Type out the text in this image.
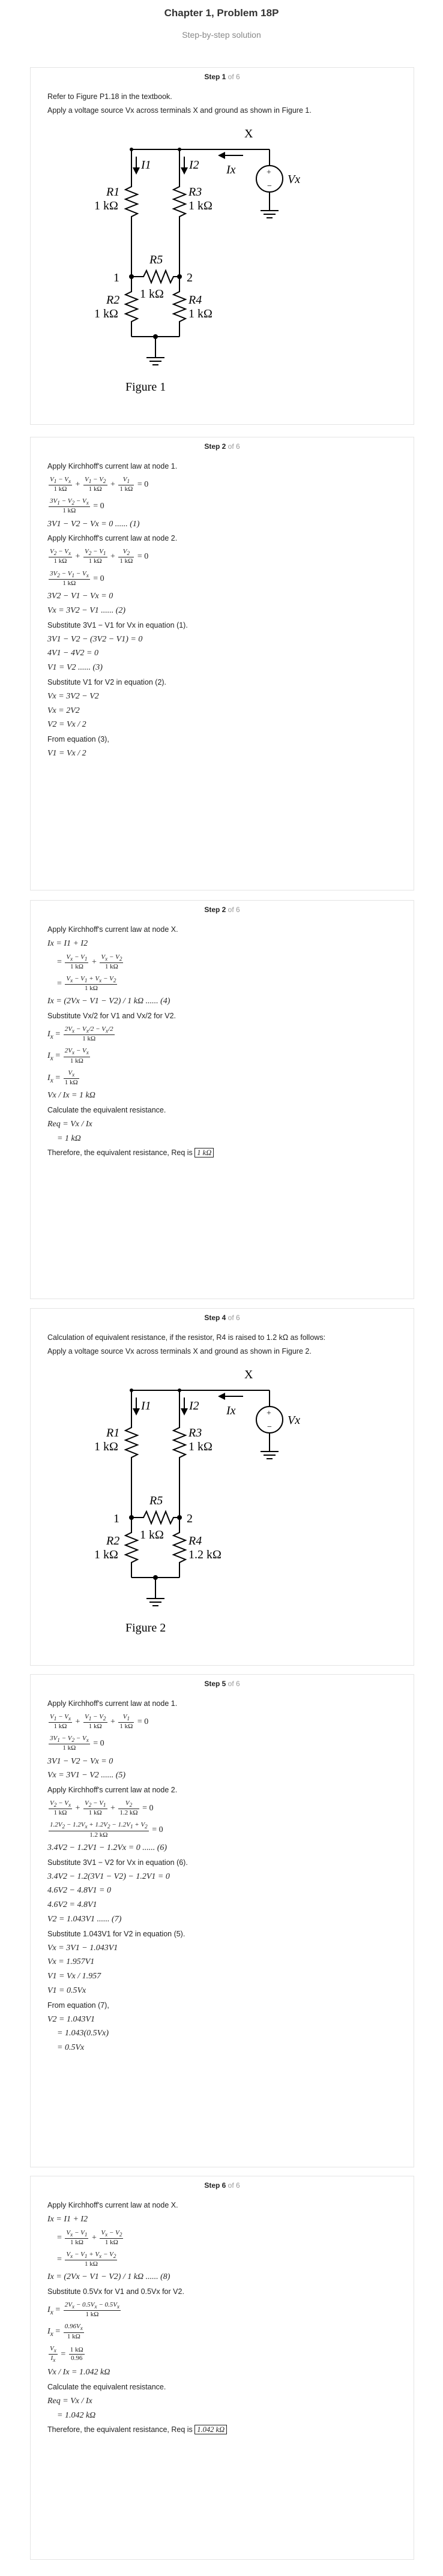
Chapter 1, Problem 18P
Step-by-step solution
Step 1 of 6
Refer to Figure P1.18 in the textbook.
Apply a voltage source Vx across terminals X and ground as shown in Figure 1.
X
Ix
Vx
+
−
I1	I2
R1
1 kΩ
R3
1 kΩ
R5
1 kΩ
1	2
R2
1 kΩ
R4
1 kΩ
Figure 1
Step 2 of 6
Apply Kirchhoff's current law at node 1.
$\frac{V_1 - V_x}{1 k\Omega} + \frac{V_1 - V_2}{1 k\Omega} + \frac{V_1}{1 k\Omega} = 0$
$\frac{3V_1 - V_2 - V_x}{1 k\Omega} = 0$
3V1 − V2 − Vx = 0 ...... (1)
Apply Kirchhoff's current law at node 2.
$\frac{V_2 - V_x}{1 k\Omega} + \frac{V_2 - V_1}{1 k\Omega} + \frac{V_2}{1 k\Omega} = 0$
$\frac{3V_2 - V_1 - V_x}{1 k\Omega} = 0$
3V2 − V1 − Vx = 0
Vx = 3V2 − V1 ...... (2)
Substitute 3V1 − V1 for Vx in equation (1).
3V1 − V2 − (3V2 − V1) = 0
4V1 − 4V2 = 0
V1 = V2 ...... (3)
Substitute V1 for V2 in equation (2).
Vx = 3V2 − V2
Vx = 2V2
V2 = Vx / 2
From equation (3),
V1 = Vx / 2
Step 2 of 6
Apply Kirchhoff's current law at node X.
Ix = I1 + I2
= $\frac{V_x - V_1}{1 k\Omega} + \frac{V_x - V_2}{1 k\Omega}$
= $\frac{V_x - V_1 + V_x - V_2}{1 k\Omega}$
Ix = (2Vx − V1 − V2) / 1 kΩ ...... (4)
Substitute Vx/2 for V1 and Vx/2 for V2.
$I_x = \frac{2V_x - V_x/2 - V_x/2}{1 k\Omega}$
$I_x = \frac{2V_x - V_x}{1 k\Omega}$
$I_x = \frac{V_x}{1 k\Omega}$
Vx / Ix = 1 kΩ
Calculate the equivalent resistance.
Req = Vx / Ix
= 1 kΩ
Therefore, the equivalent resistance, Req is 1 kΩ
Step 4 of 6
Calculation of equivalent resistance, if the resistor, R4 is raised to 1.2 kΩ as follows:
Apply a voltage source Vx across terminals X and ground as shown in Figure 2.
X
Ix
Vx
+
−
I1	I2
R1
1 kΩ
R3
1 kΩ
R5
1 kΩ
1	2
R2
1 kΩ
R4
1.2 kΩ
Figure 2
Step 5 of 6
Apply Kirchhoff's current law at node 1.
$\frac{V_1 - V_x}{1 k\Omega} + \frac{V_1 - V_2}{1 k\Omega} + \frac{V_1}{1 k\Omega} = 0$
$\frac{3V_1 - V_2 - V_x}{1 k\Omega} = 0$
3V1 − V2 − Vx = 0
Vx = 3V1 − V2 ...... (5)
Apply Kirchhoff's current law at node 2.
$\frac{V_2 - V_x}{1 k\Omega} + \frac{V_2 - V_1}{1 k\Omega} + \frac{V_2}{1.2 k\Omega} = 0$
$\frac{1.2V_2 - 1.2V_x + 1.2V_2 - 1.2V_1 + V_2}{1.2 k\Omega} = 0$
3.4V2 − 1.2V1 − 1.2Vx = 0 ...... (6)
Substitute 3V1 − V2 for Vx in equation (6).
3.4V2 − 1.2(3V1 − V2) − 1.2V1 = 0
4.6V2 − 4.8V1 = 0
4.6V2 = 4.8V1
V2 = 1.043V1 ...... (7)
Substitute 1.043V1 for V2 in equation (5).
Vx = 3V1 − 1.043V1
Vx = 1.957V1
V1 = Vx / 1.957
V1 = 0.5Vx
From equation (7),
V2 = 1.043V1
= 1.043(0.5Vx)
= 0.5Vx
Step 6 of 6
Apply Kirchhoff's current law at node X.
Ix = I1 + I2
= $\frac{V_x - V_1}{1 k\Omega} + \frac{V_x - V_2}{1 k\Omega}$
= $\frac{V_x - V_1 + V_x - V_2}{1 k\Omega}$
Ix = (2Vx − V1 − V2) / 1 kΩ ...... (8)
Substitute 0.5Vx for V1 and 0.5Vx for V2.
$I_x = \frac{2V_x - 0.5V_x - 0.5V_x}{1 k\Omega}$
$I_x = \frac{0.96V_x}{1 k\Omega}$
$\frac{V_x}{I_x} = \frac{1 k\Omega}{0.96}$
Vx / Ix = 1.042 kΩ
Calculate the equivalent resistance.
Req = Vx / Ix
= 1.042 kΩ
Therefore, the equivalent resistance, Req is 1.042 kΩ
